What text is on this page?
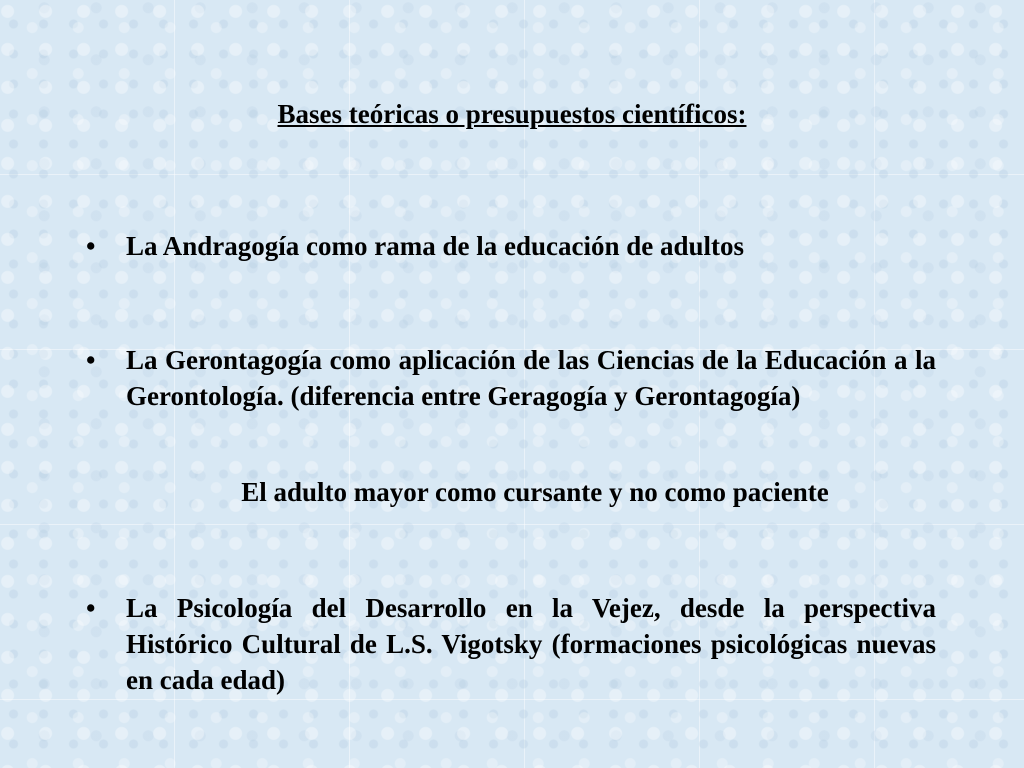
Bases teóricas o presupuestos científicos:
• La Andragogía como rama de la educación de adultos
• La Gerontagogía como aplicación de las Ciencias de la Educación a la Gerontología. (diferencia entre Geragogía y Gerontagogía)
El adulto mayor como cursante y no como paciente
• La Psicología del Desarrollo en la Vejez, desde la perspectiva Histórico Cultural de L.S. Vigotsky (formaciones psicológicas nuevas en cada edad)
